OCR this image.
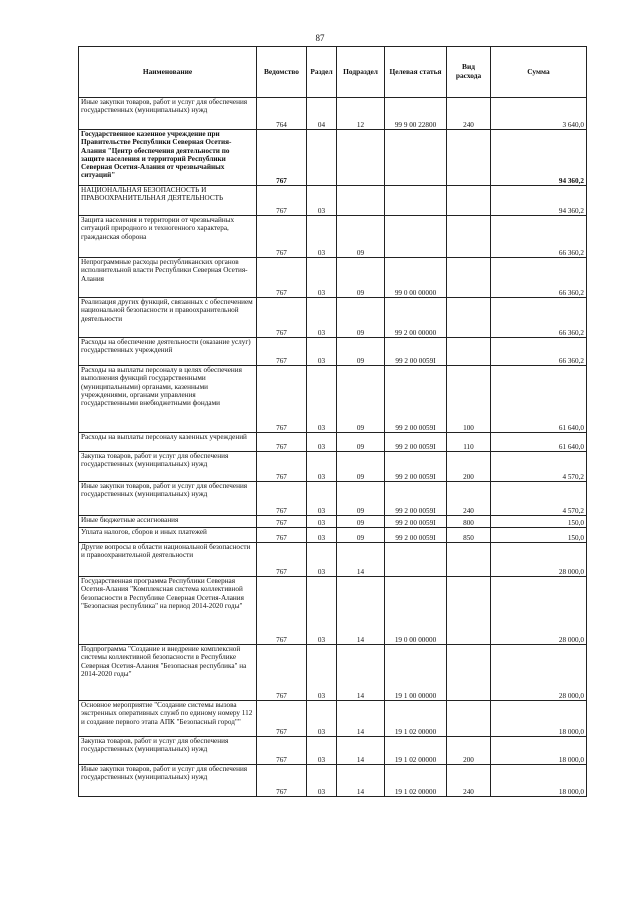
87
Наименование	Ведомство	Раздел	Подраздел	Целевая статья	Вид расхода	Сумма
Иные закупки товаров, работ и услуг для обеспечения государственных (муниципальных) нужд	764	04	12	99 9 00 22800	240	3 640,0
Государственное казенное учреждение при Правительстве Республики Северная Осетия-Алания "Центр обеспечения деятельности по защите населения и территорий Республики Северная Осетия-Алания от чрезвычайных ситуаций"	767					94 360,2
НАЦИОНАЛЬНАЯ БЕЗОПАСНОСТЬ И ПРАВООХРАНИТЕЛЬНАЯ ДЕЯТЕЛЬНОСТЬ	767	03				94 360,2
Защита населения и территории от чрезвычайных ситуаций природного и техногенного характера, гражданская оборона	767	03	09			66 360,2
Непрограммные расходы республиканских органов исполнительной власти Республики Северная Осетия-Алания	767	03	09	99 0 00 00000		66 360,2
Реализация других функций, связанных с обеспечением национальной безопасности и правоохранительной деятельности	767	03	09	99 2 00 00000		66 360,2
Расходы на обеспечение деятельности (оказание услуг) государственных учреждений	767	03	09	99 2 00 0059I		66 360,2
Расходы на выплаты персоналу в целях обеспечения выполнения функций государственными (муниципальными) органами, казенными учреждениями, органами управления государственными внебюджетными фондами	767	03	09	99 2 00 0059I	100	61 640,0
Расходы на выплаты персоналу казенных учреждений	767	03	09	99 2 00 0059I	110	61 640,0
Закупка товаров, работ и услуг для обеспечения государственных (муниципальных) нужд	767	03	09	99 2 00 0059I	200	4 570,2
Иные закупки товаров, работ и услуг для обеспечения государственных (муниципальных) нужд	767	03	09	99 2 00 0059I	240	4 570,2
Иные бюджетные ассигнования	767	03	09	99 2 00 0059I	800	150,0
Уплата налогов, сборов и иных платежей	767	03	09	99 2 00 0059I	850	150,0
Другие вопросы в области национальной безопасности и правоохранительной деятельности	767	03	14			28 000,0
Государственная программа Республики Северная Осетия-Алания "Комплексная система коллективной безопасности в Республике Северная Осетия-Алания "Безопасная республика" на период 2014-2020 годы"	767	03	14	19 0 00 00000		28 000,0
Подпрограмма "Создание и внедрение комплексной системы коллективной безопасности в Республике Северная Осетия-Алания "Безопасная республика" на 2014-2020 годы"	767	03	14	19 1 00 00000		28 000,0
Основное мероприятие "Создание системы вызова экстренных оперативных служб по единому номеру 112 и создание первого этапа АПК "Безопасный город""	767	03	14	19 1 02 00000		18 000,0
Закупка товаров, работ и услуг для обеспечения государственных (муниципальных) нужд	767	03	14	19 1 02 00000	200	18 000,0
Иные закупки товаров, работ и услуг для обеспечения государственных (муниципальных) нужд	767	03	14	19 1 02 00000	240	18 000,0
